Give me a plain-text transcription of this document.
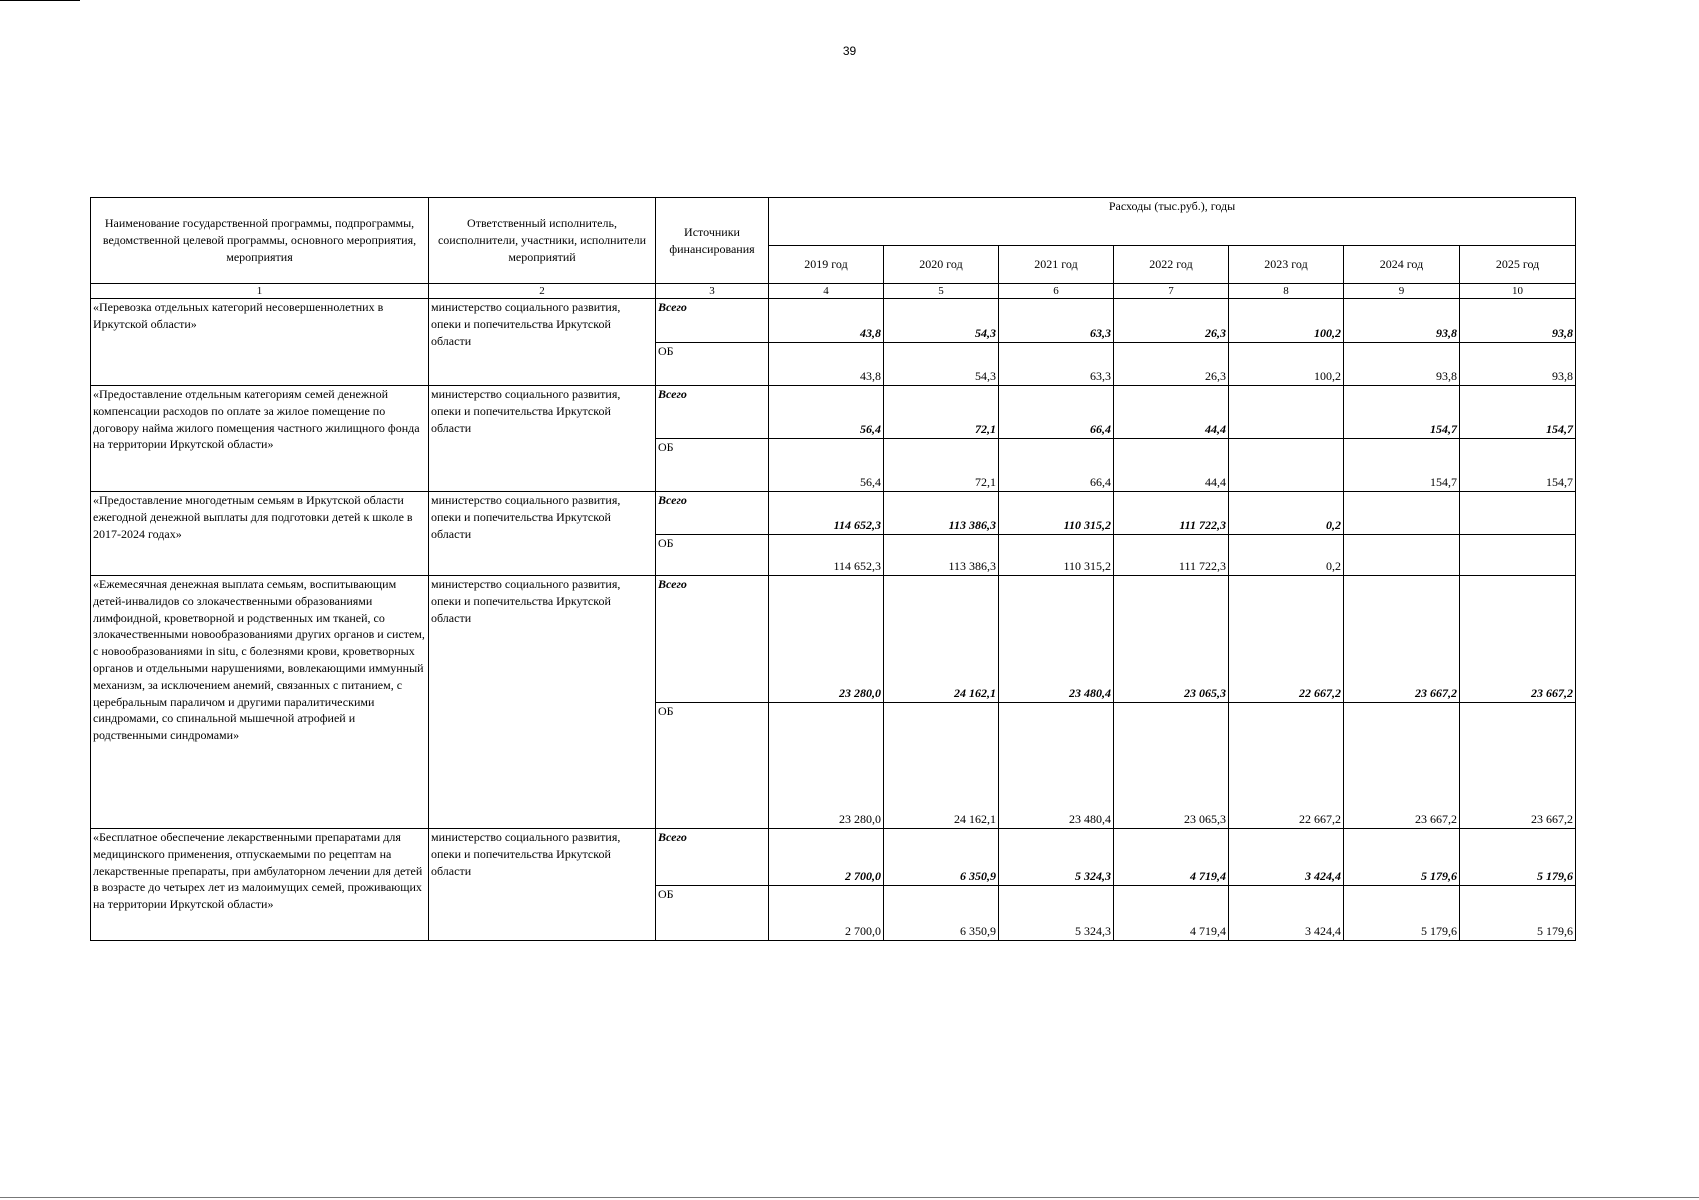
39
Наименование государственной программы, подпрограммы, ведомственной целевой программы, основного мероприятия, мероприятия	Ответственный исполнитель, соисполнители, участники, исполнители мероприятий	Источники финансирования	Расходы (тыс.руб.), годы						
			2019 год	2020 год	2021 год	2022 год	2023 год	2024 год	2025 год
1	2	3	4	5	6	7	8	9	10
«Перевозка отдельных категорий несовершеннолетних в Иркутской области»	министерство социального развития, опеки и попечительства Иркутской области	Всего	43,8	54,3	63,3	26,3	100,2	93,8	93,8
		ОБ	43,8	54,3	63,3	26,3	100,2	93,8	93,8
«Предоставление отдельным категориям семей денежной компенсации расходов по оплате за жилое помещение по договору найма жилого помещения частного жилищного фонда на территории Иркутской области»	министерство социального развития, опеки и попечительства Иркутской области	Всего	56,4	72,1	66,4	44,4		154,7	154,7
		ОБ	56,4	72,1	66,4	44,4		154,7	154,7
«Предоставление многодетным семьям в Иркутской области ежегодной денежной выплаты для подготовки детей к школе в 2017-2024 годах»	министерство социального развития, опеки и попечительства Иркутской области	Всего	114 652,3	113 386,3	110 315,2	111 722,3	0,2		
		ОБ	114 652,3	113 386,3	110 315,2	111 722,3	0,2		
«Ежемесячная денежная выплата семьям, воспитывающим детей-инвалидов со злокачественными образованиями лимфоидной, кроветворной и родственных им тканей, со злокачественными новообразованиями других органов и систем, с новообразованиями in situ, с болезнями крови, кроветворных органов и отдельными нарушениями, вовлекающими иммунный механизм, за исключением анемий, связанных с питанием, с церебральным параличом и другими паралитическими синдромами, со спинальной мышечной атрофией и родственными синдромами»	министерство социального развития, опеки и попечительства Иркутской области	Всего	23 280,0	24 162,1	23 480,4	23 065,3	22 667,2	23 667,2	23 667,2
		ОБ	23 280,0	24 162,1	23 480,4	23 065,3	22 667,2	23 667,2	23 667,2
«Бесплатное обеспечение лекарственными препаратами для медицинского применения, отпускаемыми по рецептам на лекарственные препараты, при амбулаторном лечении для детей в возрасте до четырех лет из малоимущих семей, проживающих на территории Иркутской области»	министерство социального развития, опеки и попечительства Иркутской области	Всего	2 700,0	6 350,9	5 324,3	4 719,4	3 424,4	5 179,6	5 179,6
		ОБ	2 700,0	6 350,9	5 324,3	4 719,4	3 424,4	5 179,6	5 179,6
